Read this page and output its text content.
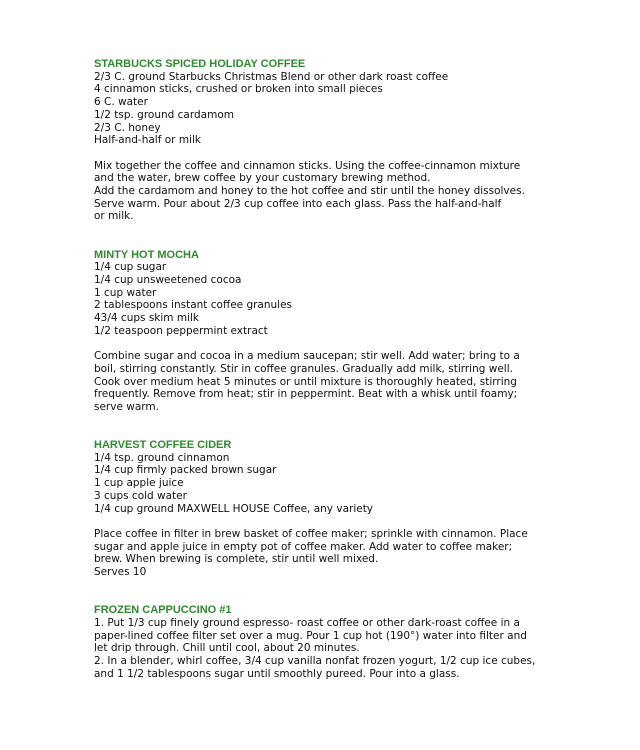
STARBUCKS SPICED HOLIDAY COFFEE
2/3 C. ground Starbucks Christmas Blend or other dark roast coffee
4 cinnamon sticks, crushed or broken into small pieces
6 C. water
1/2 tsp. ground cardamom
2/3 C. honey
Half-and-half or milk
Mix together the coffee and cinnamon sticks. Using the coffee-cinnamon mixture
and the water, brew coffee by your customary brewing method.
Add the cardamom and honey to the hot coffee and stir until the honey dissolves.
Serve warm. Pour about 2/3 cup coffee into each glass. Pass the half-and-half
or milk.
MINTY HOT MOCHA
1/4 cup sugar
1/4 cup unsweetened cocoa
1 cup water
2 tablespoons instant coffee granules
43/4 cups skim milk
1/2 teaspoon peppermint extract
Combine sugar and cocoa in a medium saucepan; stir well. Add water; bring to a
boil, stirring constantly. Stir in coffee granules. Gradually add milk, stirring well.
Cook over medium heat 5 minutes or until mixture is thoroughly heated, stirring
frequently. Remove from heat; stir in peppermint. Beat with a whisk until foamy;
serve warm.
HARVEST COFFEE CIDER
1/4 tsp. ground cinnamon
1/4 cup firmly packed brown sugar
1 cup apple juice
3 cups cold water
1/4 cup ground MAXWELL HOUSE Coffee, any variety
Place coffee in filter in brew basket of coffee maker; sprinkle with cinnamon. Place
sugar and apple juice in empty pot of coffee maker. Add water to coffee maker;
brew. When brewing is complete, stir until well mixed.
Serves 10
FROZEN CAPPUCCINO #1
1. Put 1/3 cup finely ground espresso- roast coffee or other dark-roast coffee in a
paper-lined coffee filter set over a mug. Pour 1 cup hot (190°) water into filter and
let drip through. Chill until cool, about 20 minutes.
2. In a blender, whirl coffee, 3/4 cup vanilla nonfat frozen yogurt, 1/2 cup ice cubes,
and 1 1/2 tablespoons sugar until smoothly pureed. Pour into a glass.
